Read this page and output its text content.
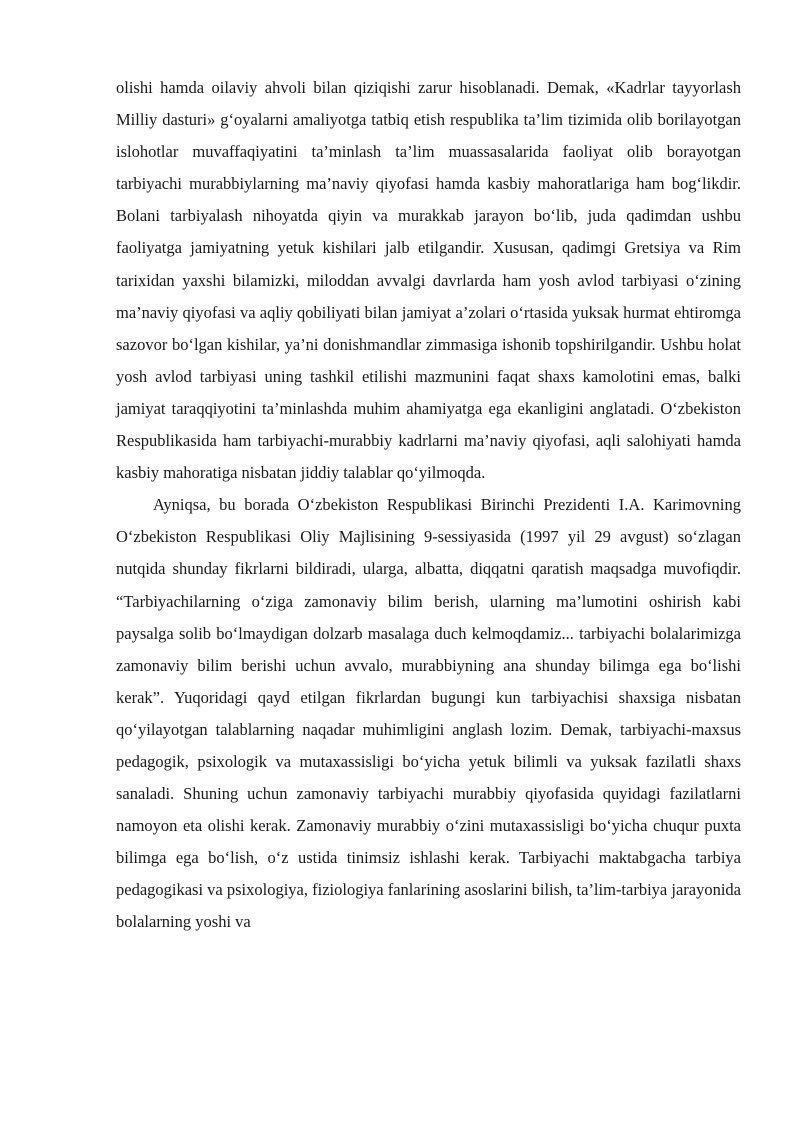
olishi hamda oilaviy ahvoli bilan qiziqishi zarur hisoblanadi. Demak, «Kadrlar tayyorlash Milliy dasturi» g‘oyalarni amaliyotga tatbiq etish respublika ta’lim tizimida olib borilayotgan islohotlar muvaffaqiyatini ta’minlash ta’lim muassasalarida faoliyat olib borayotgan tarbiyachi murabbiylarning ma’naviy qiyofasi hamda kasbiy mahoratlariga ham bog‘likdir. Bolani tarbiyalash nihoyatda qiyin va murakkab jarayon bo‘lib, juda qadimdan ushbu faoliyatga jamiyatning yetuk kishilari jalb etilgandir. Xususan, qadimgi Gretsiya va Rim tarixidan yaxshi bilamizki, miloddan avvalgi davrlarda ham yosh avlod tarbiyasi o‘zining ma’naviy qiyofasi va aqliy qobiliyati bilan jamiyat a’zolari o‘rtasida yuksak hurmat ehtiromga sazovor bo‘lgan kishilar, ya’ni donishmandlar zimmasiga ishonib topshirilgandir. Ushbu holat yosh avlod tarbiyasi uning tashkil etilishi mazmunini faqat shaxs kamolotini emas, balki jamiyat taraqqiyotini ta’minlashda muhim ahamiyatga ega ekanligini anglatadi. O‘zbekiston Respublikasida ham tarbiyachi-murabbiy kadrlarni ma’naviy qiyofasi, aqli salohiyati hamda kasbiy mahoratiga nisbatan jiddiy talablar qo‘yilmoqda.

Ayniqsa, bu borada O‘zbekiston Respublikasi Birinchi Prezidenti I.A. Karimovning O‘zbekiston Respublikasi Oliy Majlisining 9-sessiyasida (1997 yil 29 avgust) so‘zlagan nutqida shunday fikrlarni bildiradi, ularga, albatta, diqqatni qaratish maqsadga muvofiqdir. “Tarbiyachilarning o‘ziga zamonaviy bilim berish, ularning ma’lumotini oshirish kabi paysalga solib bo‘lmaydigan dolzarb masalaga duch kelmoqdamiz... tarbiyachi bolalarimizga zamonaviy bilim berishi uchun avvalo, murabbiyning ana shunday bilimga ega bo‘lishi kerak”. Yuqoridagi qayd etilgan fikrlardan bugungi kun tarbiyachisi shaxsiga nisbatan qo‘yilayotgan talablarning naqadar muhimligini anglash lozim. Demak, tarbiyachi-maxsus pedagogik, psixologik va mutaxassisligi bo‘yicha yetuk bilimli va yuksak fazilatli shaxs sanaladi. Shuning uchun zamonaviy tarbiyachi murabbiy qiyofasida quyidagi fazilatlarni namoyon eta olishi kerak. Zamonaviy murabbiy o‘zini mutaxassisligi bo‘yicha chuqur puxta bilimga ega bo‘lish, o‘z ustida tinimsiz ishlashi kerak. Tarbiyachi maktabgacha tarbiya pedagogikasi va psixologiya, fiziologiya fanlarining asoslarini bilish, ta’lim-tarbiya jarayonida bolalarning yoshi va
